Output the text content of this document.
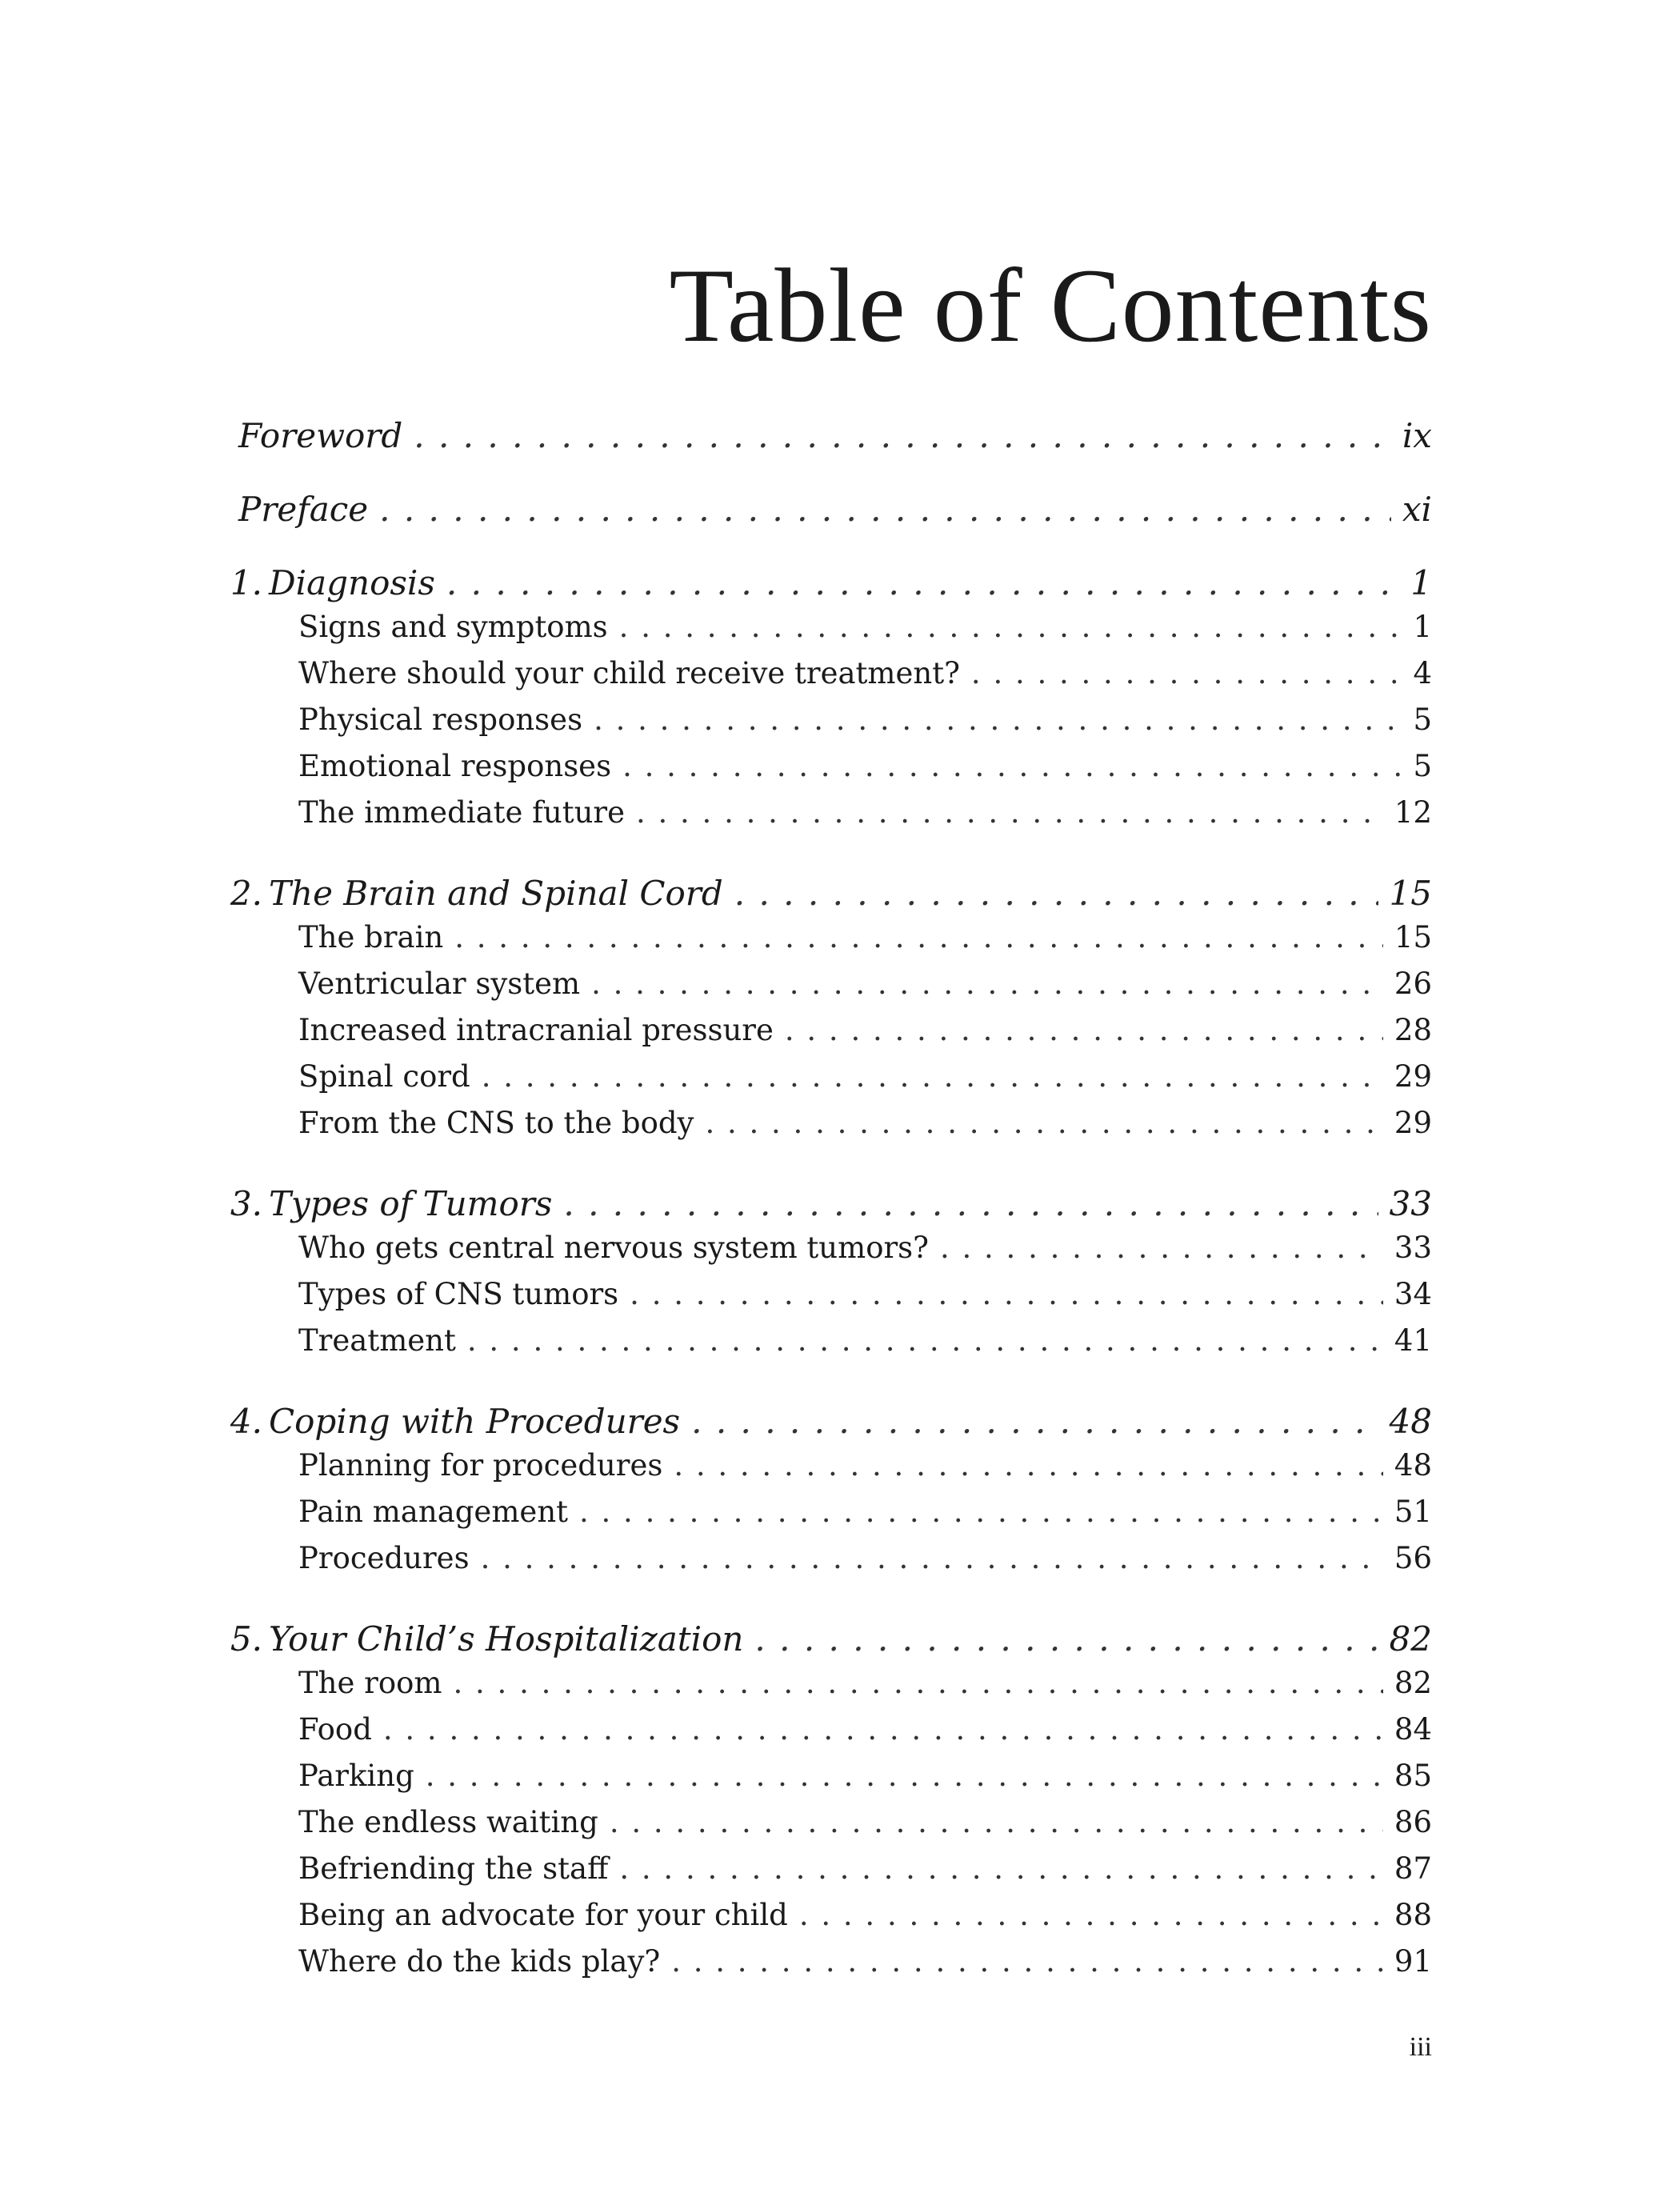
Table of Contents
Foreword . . .	ix
Preface . . .	xi
1. Diagnosis . . .	1
Signs and symptoms . . .	1
Where should your child receive treatment? . . .	4
Physical responses . . .	5
Emotional responses . . .	5
The immediate future . . .	12
2. The Brain and Spinal Cord . . .	15
The brain . . .	15
Ventricular system . . .	26
Increased intracranial pressure . . .	28
Spinal cord . . .	29
From the CNS to the body . . .	29
3. Types of Tumors . . .	33
Who gets central nervous system tumors? . . .	33
Types of CNS tumors . . .	34
Treatment . . .	41
4. Coping with Procedures . . .	48
Planning for procedures . . .	48
Pain management . . .	51
Procedures . . .	56
5. Your Child’s Hospitalization . . .	82
The room . . .	82
Food . . .	84
Parking . . .	85
The endless waiting . . .	86
Befriending the staff . . .	87
Being an advocate for your child . . .	88
Where do the kids play? . . .	91
iii
